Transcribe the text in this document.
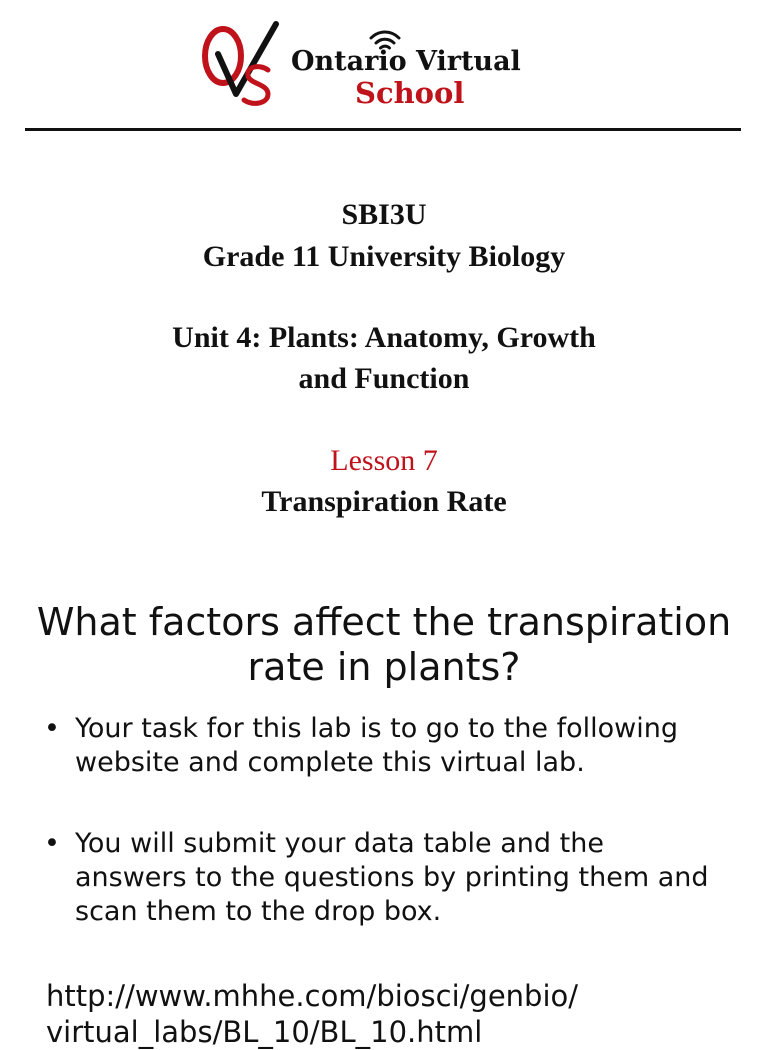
Ontario Virtual
School
SBI3U
Grade 11 University Biology
Unit 4: Plants: Anatomy, Growth
and Function
Lesson 7
Transpiration Rate
What factors affect the transpiration
rate in plants?
• Your task for this lab is to go to the following
website and complete this virtual lab.
• You will submit your data table and the
answers to the questions by printing them and
scan them to the drop box.
http://www.mhhe.com/biosci/genbio/
virtual_labs/BL_10/BL_10.html
